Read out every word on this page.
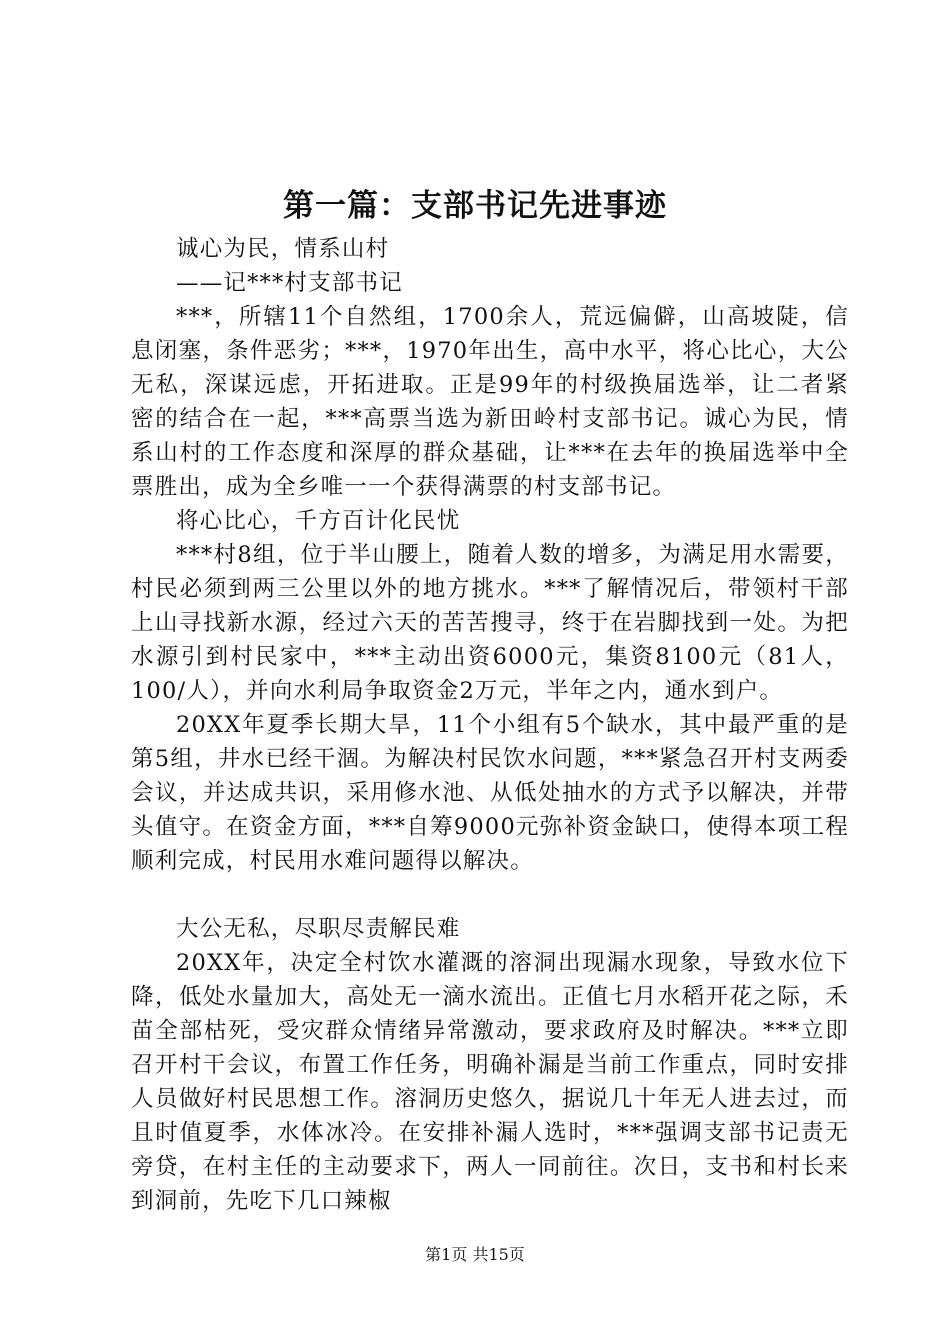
第一篇：支部书记先进事迹

诚心为民，情系山村

——记***村支部书记

***，所辖11个自然组，1700余人，荒远偏僻，山高坡陡，信息闭塞，条件恶劣；***，1970年出生，高中水平，将心比心，大公无私，深谋远虑，开拓进取。正是99年的村级换届选举，让二者紧密的结合在一起，***高票当选为新田岭村支部书记。诚心为民，情系山村的工作态度和深厚的群众基础，让***在去年的换届选举中全票胜出，成为全乡唯一一个获得满票的村支部书记。

将心比心，千方百计化民忧

***村8组，位于半山腰上，随着人数的增多，为满足用水需要，村民必须到两三公里以外的地方挑水。***了解情况后，带领村干部上山寻找新水源，经过六天的苦苦搜寻，终于在岩脚找到一处。为把水源引到村民家中，***主动出资6000元，集资8100元（81人，100/人），并向水利局争取资金2万元，半年之内，通水到户。

20XX年夏季长期大旱，11个小组有5个缺水，其中最严重的是第5组，井水已经干涸。为解决村民饮水问题，***紧急召开村支两委会议，并达成共识，采用修水池、从低处抽水的方式予以解决，并带头值守。在资金方面，***自筹9000元弥补资金缺口，使得本项工程顺利完成，村民用水难问题得以解决。

大公无私，尽职尽责解民难

20XX年，决定全村饮水灌溉的溶洞出现漏水现象，导致水位下降，低处水量加大，高处无一滴水流出。正值七月水稻开花之际，禾苗全部枯死，受灾群众情绪异常激动，要求政府及时解决。***立即召开村干会议，布置工作任务，明确补漏是当前工作重点，同时安排人员做好村民思想工作。溶洞历史悠久，据说几十年无人进去过，而且时值夏季，水体冰冷。在安排补漏人选时，***强调支部书记责无旁贷，在村主任的主动要求下，两人一同前往。次日，支书和村长来到洞前，先吃下几口辣椒

第1页 共15页
